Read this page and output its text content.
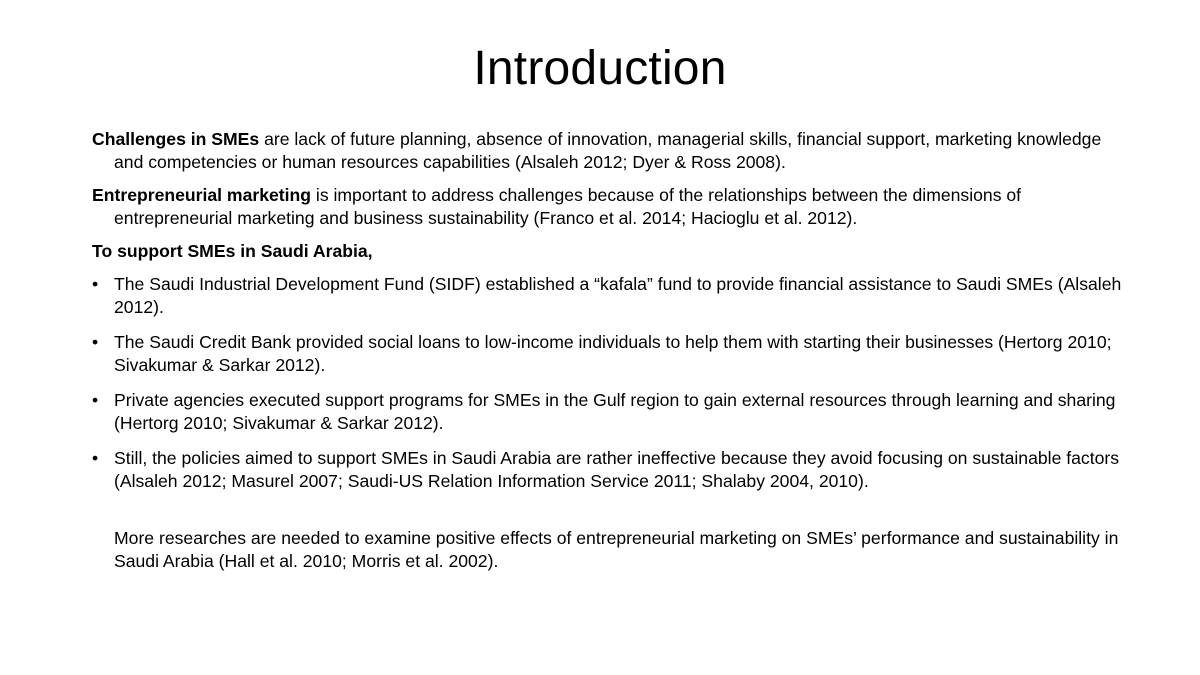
Introduction

Challenges in SMEs are lack of future planning, absence of innovation, managerial skills, financial support, marketing knowledge and competencies or human resources capabilities (Alsaleh 2012; Dyer & Ross 2008).

Entrepreneurial marketing is important to address challenges because of the relationships between the dimensions of entrepreneurial marketing and business sustainability (Franco et al. 2014; Hacioglu et al. 2012).

To support SMEs in Saudi Arabia,

• The Saudi Industrial Development Fund (SIDF) established a “kafala” fund to provide financial assistance to Saudi SMEs (Alsaleh 2012).
• The Saudi Credit Bank provided social loans to low-income individuals to help them with starting their businesses (Hertorg 2010; Sivakumar & Sarkar 2012).
• Private agencies executed support programs for SMEs in the Gulf region to gain external resources through learning and sharing (Hertorg 2010; Sivakumar & Sarkar 2012).
• Still, the policies aimed to support SMEs in Saudi Arabia are rather ineffective because they avoid focusing on sustainable factors (Alsaleh 2012; Masurel 2007; Saudi-US Relation Information Service 2011; Shalaby 2004, 2010).

More researches are needed to examine positive effects of entrepreneurial marketing on SMEs’ performance and sustainability in Saudi Arabia (Hall et al. 2010; Morris et al. 2002).
